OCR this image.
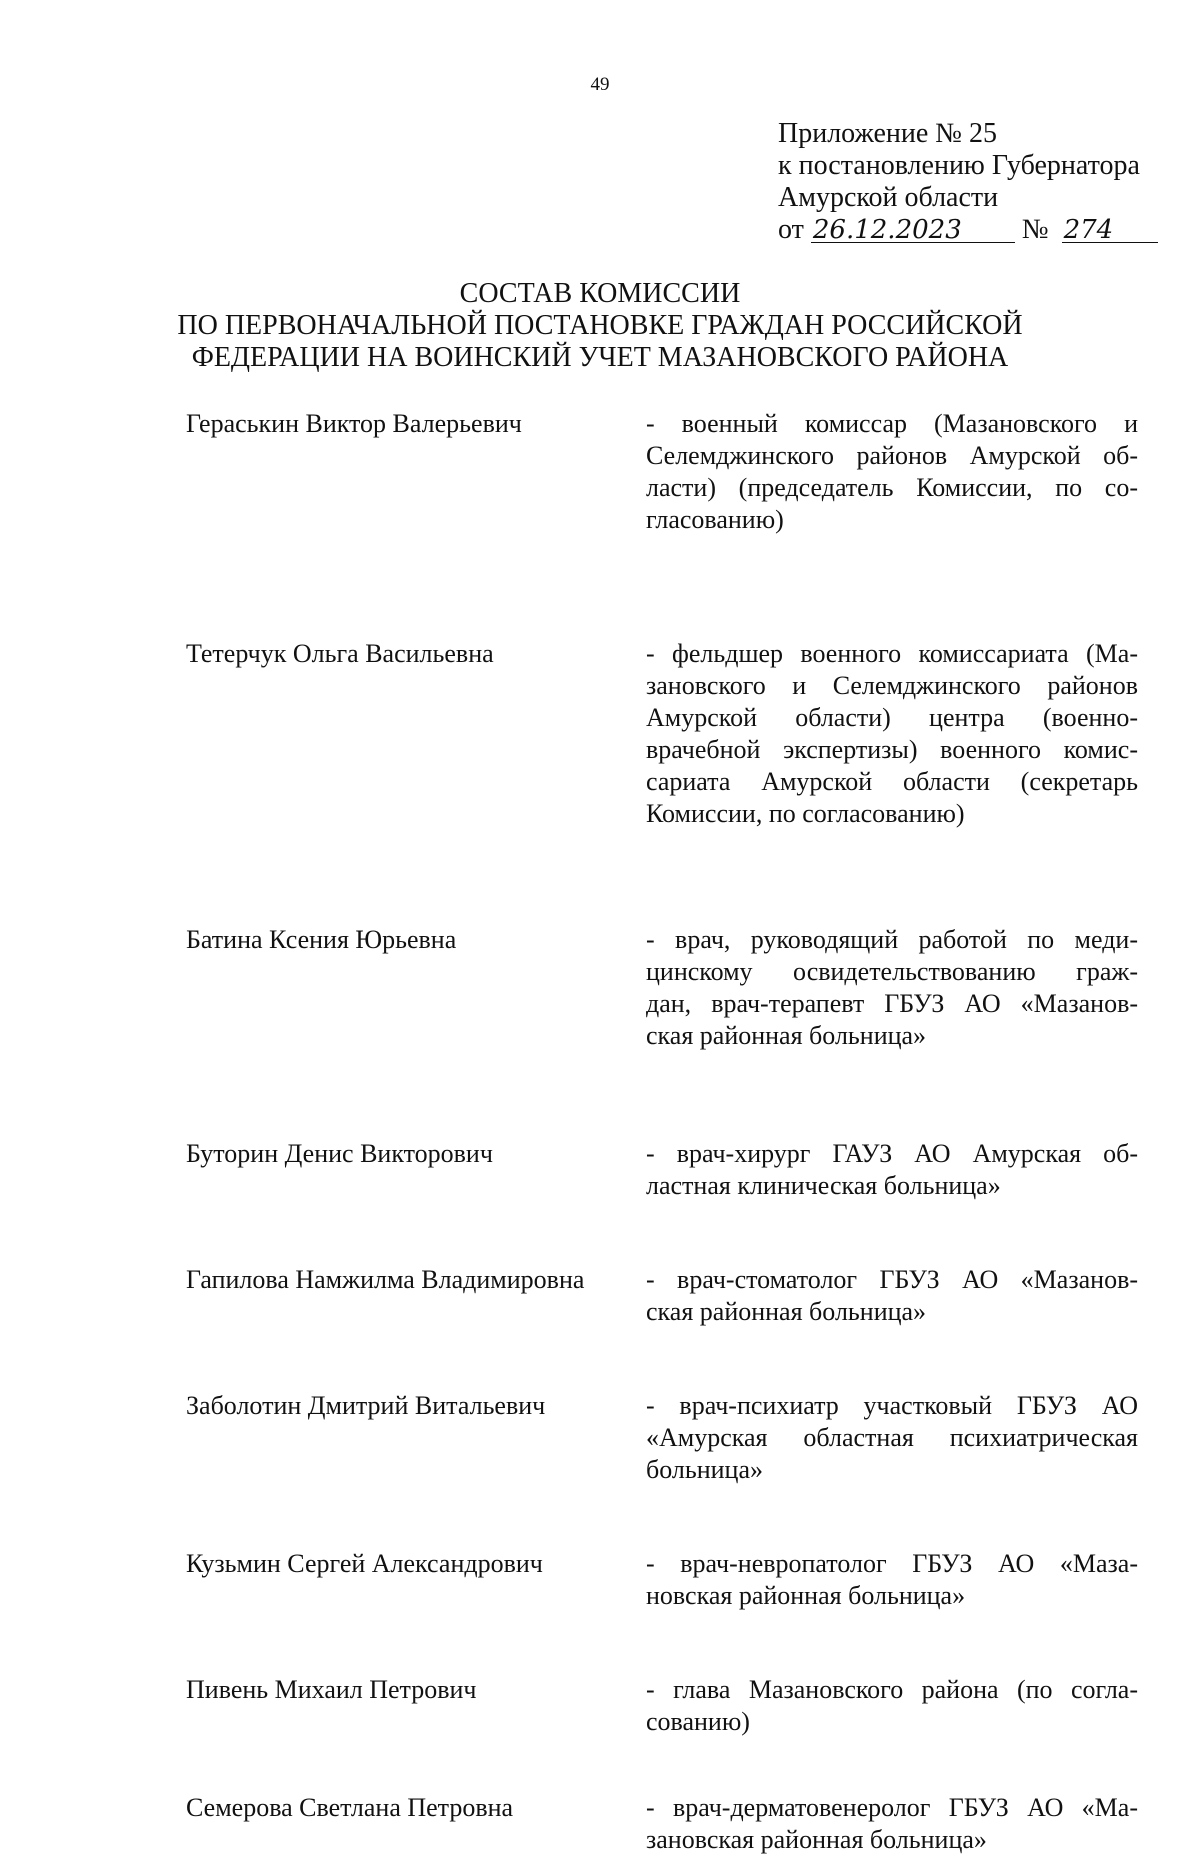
49
Приложение № 25
к постановлению Губернатора
Амурской области
от 26.12.2023 № 274
СОСТАВ КОМИССИИ
ПО ПЕРВОНАЧАЛЬНОЙ ПОСТАНОВКЕ ГРАЖДАН РОССИЙСКОЙ
ФЕДЕРАЦИИ НА ВОИНСКИЙ УЧЕТ МАЗАНОВСКОГО РАЙОНА
Гераськин Виктор Валерьевич	- военный комиссар (Мазановского и
Селемджинского районов Амурской об-
ласти) (председатель Комиссии, по со-
гласованию)
Тетерчук Ольга Васильевна	- фельдшер военного комиссариата (Ма-
зановского и Селемджинского районов
Амурской области) центра (военно-
врачебной экспертизы) военного комис-
сариата Амурской области (секретарь
Комиссии, по согласованию)
Батина Ксения Юрьевна	- врач, руководящий работой по меди-
цинскому освидетельствованию граж-
дан, врач-терапевт ГБУЗ АО «Мазанов-
ская районная больница»
Буторин Денис Викторович	- врач-хирург ГАУЗ АО Амурская об-
ластная клиническая больница»
Гапилова Намжилма Владимировна	- врач-стоматолог ГБУЗ АО «Мазанов-
ская районная больница»
Заболотин Дмитрий Витальевич	- врач-психиатр участковый ГБУЗ АО
«Амурская областная психиатрическая
больница»
Кузьмин Сергей Александрович	- врач-невропатолог ГБУЗ АО «Маза-
новская районная больница»
Пивень Михаил Петрович	- глава Мазановского района (по согла-
сованию)
Семерова Светлана Петровна	- врач-дерматовенеролог ГБУЗ АО «Ма-
зановская районная больница»
